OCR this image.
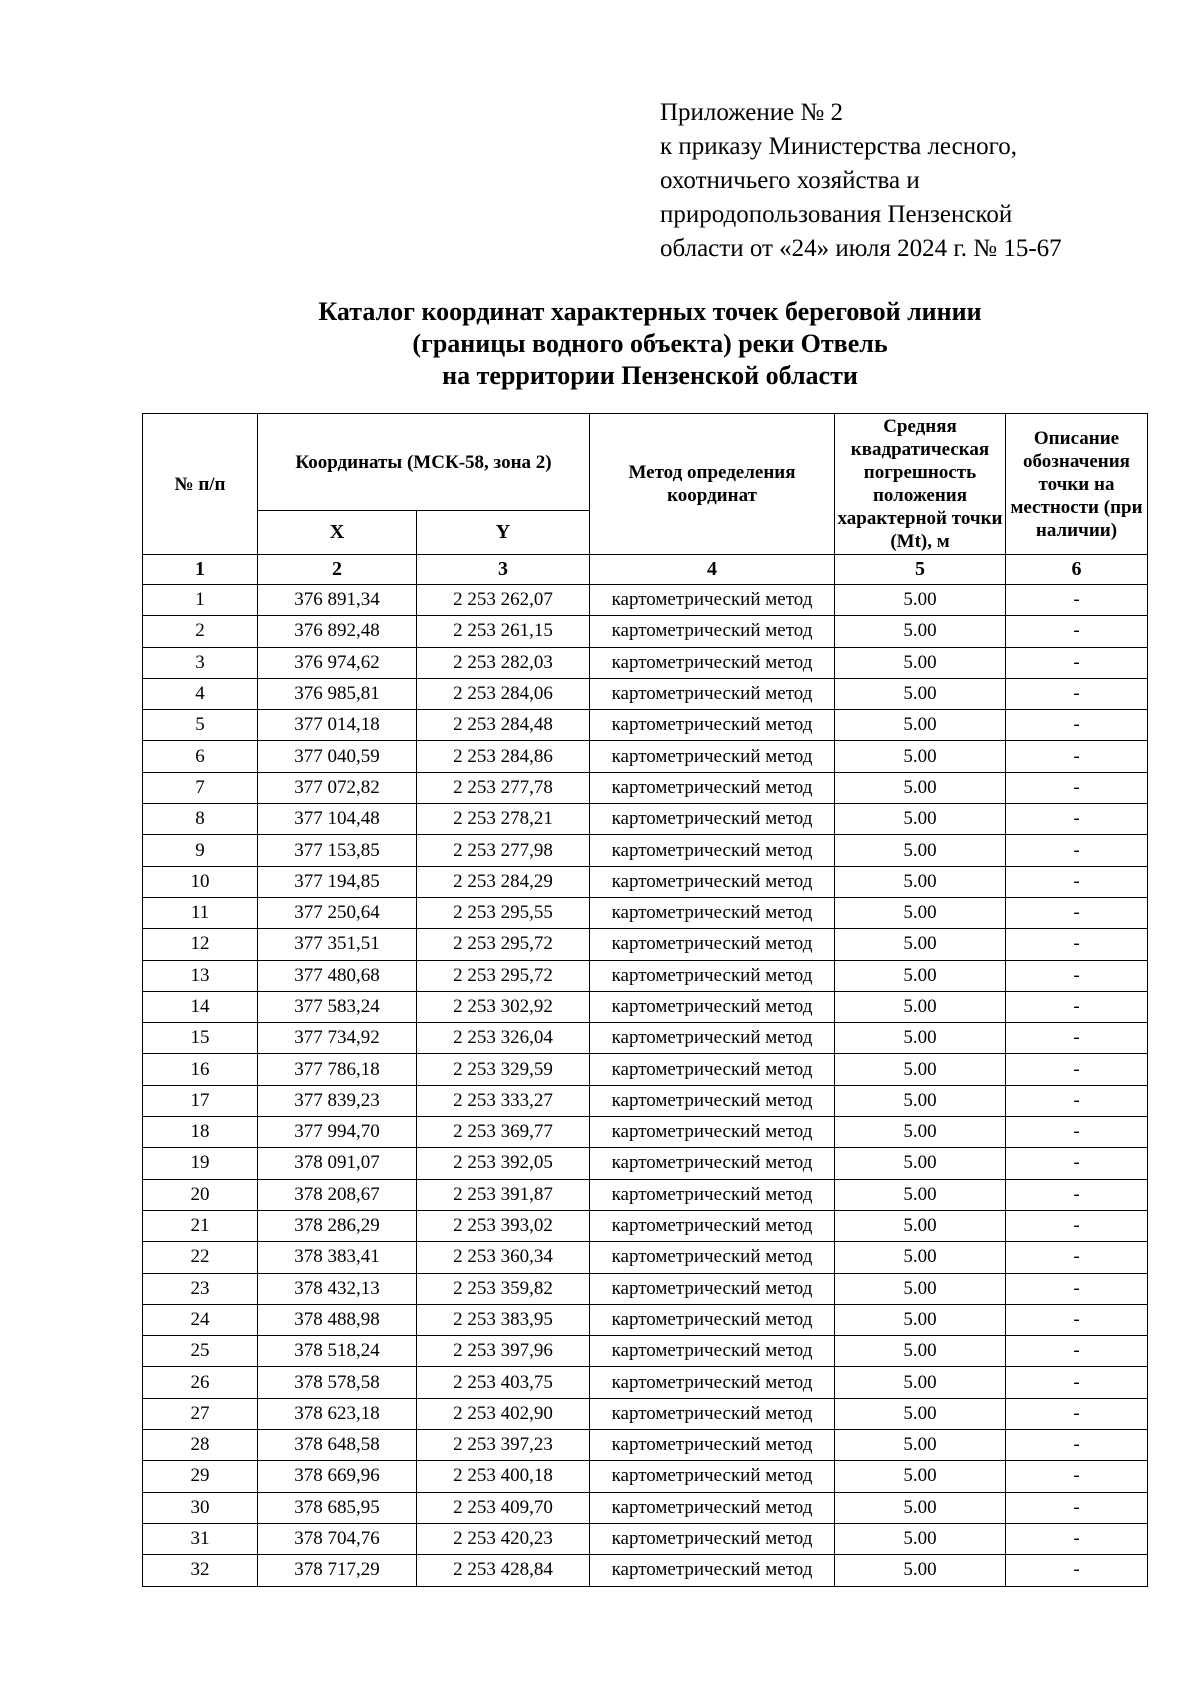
Приложение № 2
к приказу Министерства лесного,
охотничьего хозяйства и
природопользования Пензенской
области от «24» июля 2024 г. № 15-67
Каталог координат характерных точек береговой линии
(границы водного объекта) реки Отвель
на территории Пензенской области
№ п/п	Координаты (МСК-58, зона 2)		Метод определения координат	Средняя квадратическая погрешность положения характерной точки (Mt), м	Описание обозначения точки на местности (при наличии)
	X	Y			
1	2	3	4	5	6
1	376 891,34	2 253 262,07	картометрический метод	5.00	-
2	376 892,48	2 253 261,15	картометрический метод	5.00	-
3	376 974,62	2 253 282,03	картометрический метод	5.00	-
4	376 985,81	2 253 284,06	картометрический метод	5.00	-
5	377 014,18	2 253 284,48	картометрический метод	5.00	-
6	377 040,59	2 253 284,86	картометрический метод	5.00	-
7	377 072,82	2 253 277,78	картометрический метод	5.00	-
8	377 104,48	2 253 278,21	картометрический метод	5.00	-
9	377 153,85	2 253 277,98	картометрический метод	5.00	-
10	377 194,85	2 253 284,29	картометрический метод	5.00	-
11	377 250,64	2 253 295,55	картометрический метод	5.00	-
12	377 351,51	2 253 295,72	картометрический метод	5.00	-
13	377 480,68	2 253 295,72	картометрический метод	5.00	-
14	377 583,24	2 253 302,92	картометрический метод	5.00	-
15	377 734,92	2 253 326,04	картометрический метод	5.00	-
16	377 786,18	2 253 329,59	картометрический метод	5.00	-
17	377 839,23	2 253 333,27	картометрический метод	5.00	-
18	377 994,70	2 253 369,77	картометрический метод	5.00	-
19	378 091,07	2 253 392,05	картометрический метод	5.00	-
20	378 208,67	2 253 391,87	картометрический метод	5.00	-
21	378 286,29	2 253 393,02	картометрический метод	5.00	-
22	378 383,41	2 253 360,34	картометрический метод	5.00	-
23	378 432,13	2 253 359,82	картометрический метод	5.00	-
24	378 488,98	2 253 383,95	картометрический метод	5.00	-
25	378 518,24	2 253 397,96	картометрический метод	5.00	-
26	378 578,58	2 253 403,75	картометрический метод	5.00	-
27	378 623,18	2 253 402,90	картометрический метод	5.00	-
28	378 648,58	2 253 397,23	картометрический метод	5.00	-
29	378 669,96	2 253 400,18	картометрический метод	5.00	-
30	378 685,95	2 253 409,70	картометрический метод	5.00	-
31	378 704,76	2 253 420,23	картометрический метод	5.00	-
32	378 717,29	2 253 428,84	картометрический метод	5.00	-
